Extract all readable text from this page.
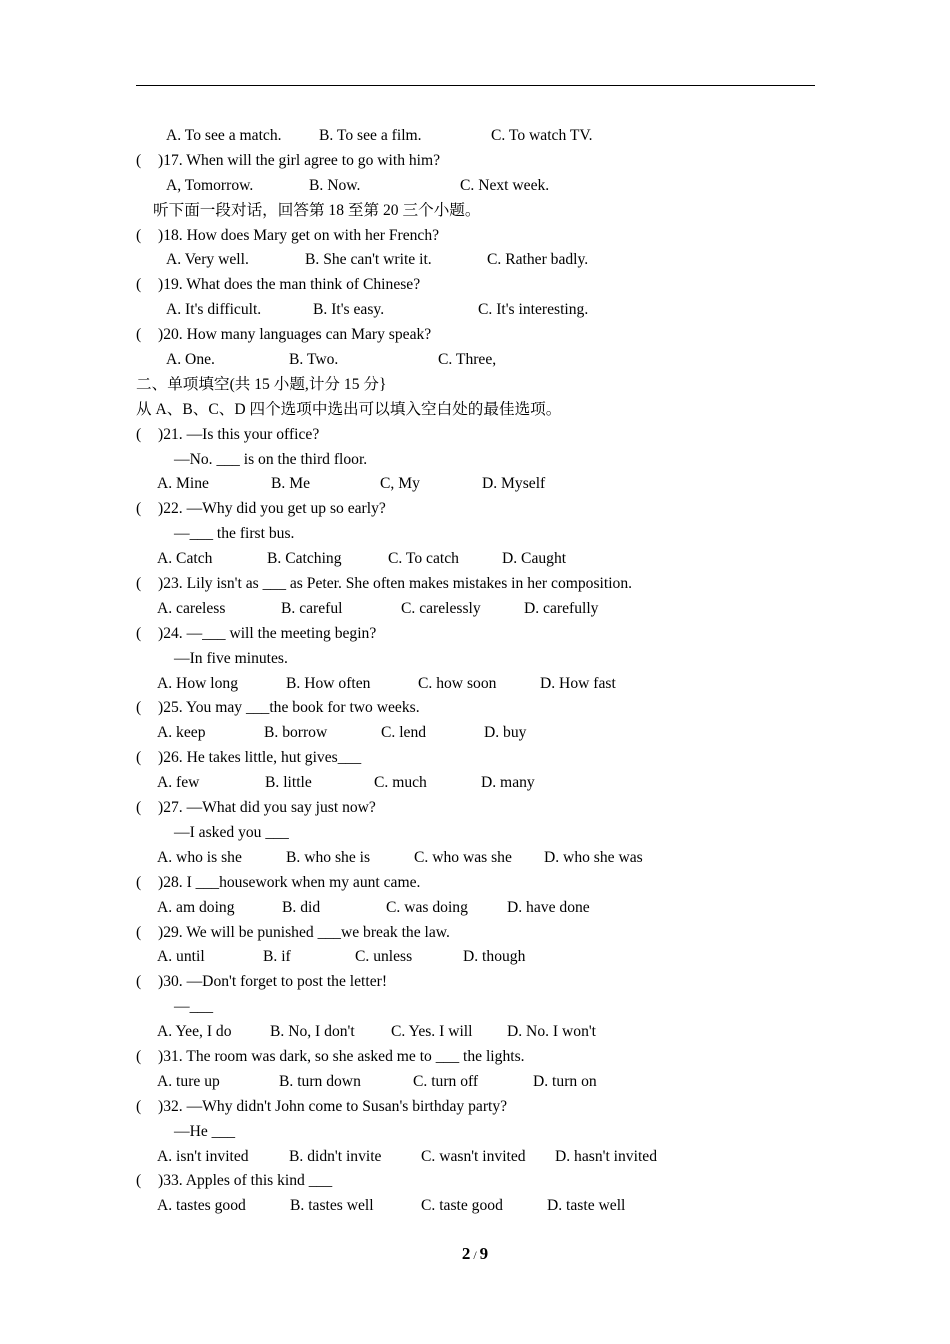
A. To see a match. B. To see a film.	C. To watch TV.
( )17. When will the girl agree to go with him?
A, Tomorrow.	B. Now.	C. Next week.
听下面一段对话，回答第 18 至第 20 三个小题。
( )18. How does Mary get on with her French?
A. Very well.	B. She can't write it.	C. Rather badly.
( )19. What does the man think of Chinese?
A. It's difficult.	B. It's easy.	C. It's interesting.
( )20. How many languages can Mary speak?
A. One.	B. Two.	C. Three,
二、单项填空(共 15 小题,计分 15 分}
从 A、B、C、D 四个选项中选出可以填入空白处的最佳选项。
( )21. —Is this your office?
—No. ___ is on the third floor.
A. Mine	B. Me	C, My	D. Myself
( )22. —Why did you get up so early?
—___ the first bus.
A. Catch	B. Catching	C. To catch	D. Caught
( )23. Lily isn't as ___ as Peter. She often makes mistakes in her composition.
A. careless	B. careful	C. carelessly	D. carefully
( )24. —___ will the meeting begin?
—In five minutes.
A. How long	B. How often	C. how soon	D. How fast
( )25. You may ___the book for two weeks.
A. keep	B. borrow	C. lend	D. buy
( )26. He takes little, hut gives___
A. few	B. little	C. much	D. many
( )27. —What did you say just now?
—I asked you ___
A. who is she	B. who she is	C. who was she D. who she was
( )28. I ___housework when my aunt came.
A. am doing	B. did	C. was doing	D. have done
( )29. We will be punished ___we break the law.
A. until	B. if	C. unless	D. though
( )30. —Don't forget to post the letter!
—___
A. Yee, I do B. No, I don't C. Yes. I will D. No. I won't
( )31. The room was dark, so she asked me to ___ the lights.
A. ture up	B. turn down	C. turn off	D. turn on
( )32. —Why didn't John come to Susan's birthday party?
—He ___
A. isn't invited	B. didn't invite	C. wasn't invited D. hasn't invited
( )33. Apples of this kind ___
A. tastes good	B. tastes well	C. taste good	D. taste well
2 / 9
